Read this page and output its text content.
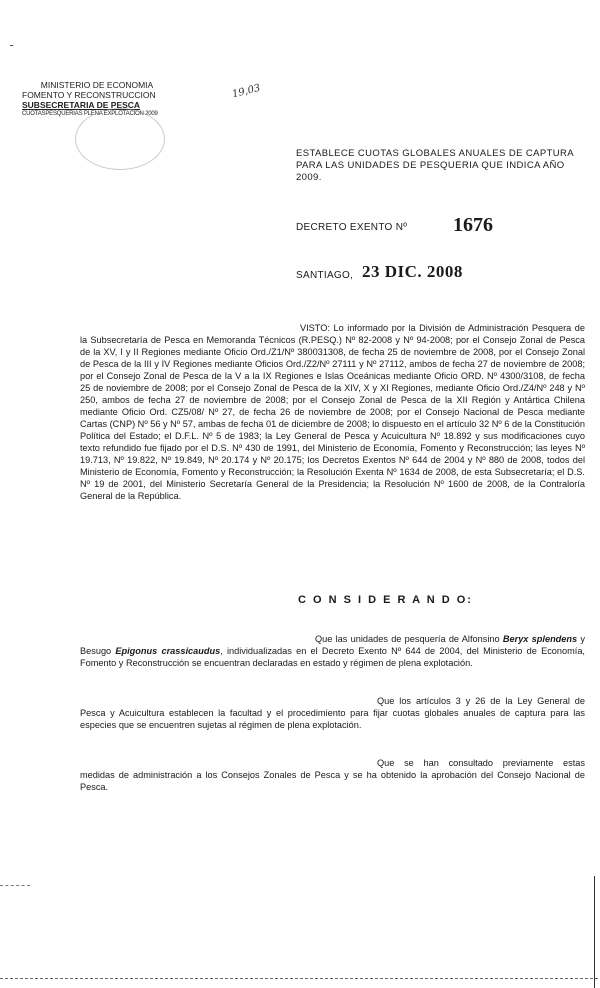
-
MINISTERIO DE ECONOMIA
FOMENTO Y RECONSTRUCCION
SUBSECRETARIA DE PESCA
CUOTASPESQUERIAS PLENA EXPLOTACION 2009
19,03
ESTABLECE CUOTAS GLOBALES ANUALES DE CAPTURA PARA LAS UNIDADES DE PESQUERIA QUE INDICA AÑO 2009.
DECRETO EXENTO Nº 1676
SANTIAGO, 23 DIC. 2008
VISTO: Lo informado por la División de Administración Pesquera de la Subsecretaría de Pesca en Memoranda Técnicos (R.PESQ.) Nº 82-2008 y Nº 94-2008; por el Consejo Zonal de Pesca de la XV, I y II Regiones mediante Oficio Ord./Z1/Nº 380031308, de fecha 25 de noviembre de 2008, por el Consejo Zonal de Pesca de la III y IV Regiones mediante Oficios Ord./Z2/Nº 27111 y Nº 27112, ambos de fecha 27 de noviembre de 2008; por el Consejo Zonal de Pesca de la V a la IX Regiones e Islas Oceánicas mediante Oficio ORD. Nº 4300/3108, de fecha 25 de noviembre de 2008; por el Consejo Zonal de Pesca de la XIV, X y XI Regiones, mediante Oficio Ord./Z4/Nº 248 y Nº 250, ambos de fecha 27 de noviembre de 2008; por el Consejo Zonal de Pesca de la XII Región y Antártica Chilena mediante Oficio Ord. CZ5/08/ Nº 27, de fecha 26 de noviembre de 2008; por el Consejo Nacional de Pesca mediante Cartas (CNP) Nº 56 y Nº 57, ambas de fecha 01 de diciembre de 2008; lo dispuesto en el artículo 32 Nº 6 de la Constitución Política del Estado; el D.F.L. Nº 5 de 1983; la Ley General de Pesca y Acuicultura Nº 18.892 y sus modificaciones cuyo texto refundido fue fijado por el D.S. Nº 430 de 1991, del Ministerio de Economía, Fomento y Reconstrucción; las leyes Nº 19.713, Nº 19.822, Nº 19.849, Nº 20.174 y Nº 20.175; los Decretos Exentos Nº 644 de 2004 y Nº 880 de 2008, todos del Ministerio de Economía, Fomento y Reconstrucción; la Resolución Exenta Nº 1634 de 2008, de esta Subsecretaría; el D.S. Nº 19 de 2001, del Ministerio Secretaría General de la Presidencia; la Resolución Nº 1600 de 2008, de la Contraloría General de la República.
C O N S I D E R A N D O:
Que las unidades de pesquería de Alfonsino Beryx splendens y Besugo Epigonus crassicaudus, individualizadas en el Decreto Exento Nº 644 de 2004, del Ministerio de Economía, Fomento y Reconstrucción se encuentran declaradas en estado y régimen de plena explotación.
Que los artículos 3 y 26 de la Ley General de Pesca y Acuicultura establecen la facultad y el procedimiento para fijar cuotas globales anuales de captura para las especies que se encuentren sujetas al régimen de plena explotación.
Que se han consultado previamente estas medidas de administración a los Consejos Zonales de Pesca y se ha obtenido la aprobación del Consejo Nacional de Pesca.
